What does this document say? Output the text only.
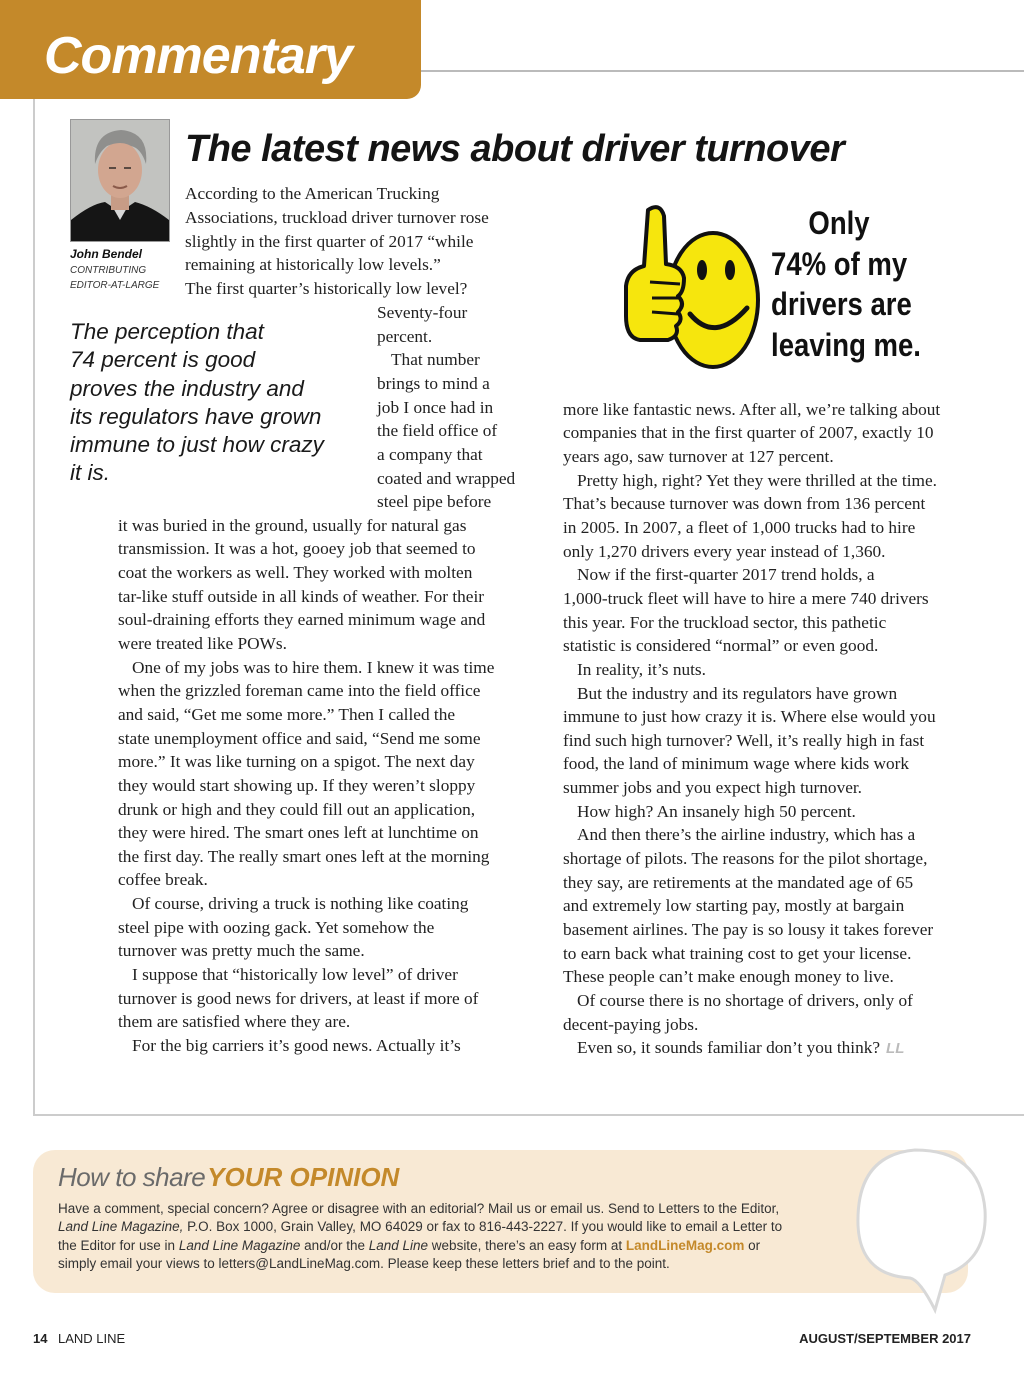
Commentary
John Bendel
CONTRIBUTING EDITOR-AT-LARGE
The latest news about driver turnover
According to the American Trucking
Associations, truckload driver turnover rose
slightly in the first quarter of 2017 “while
remaining at historically low levels.”
The first quarter’s historically low level?
The perception that
74 percent is good
proves the industry and
its regulators have grown
immune to just how crazy
it is.
Seventy-four
percent.
That number
brings to mind a
job I once had in
the field office of
a company that
coated and wrapped
steel pipe before
it was buried in the ground, usually for natural gas
transmission. It was a hot, gooey job that seemed to
coat the workers as well. They worked with molten
tar-like stuff outside in all kinds of weather. For their
soul-draining efforts they earned minimum wage and
were treated like POWs.
One of my jobs was to hire them. I knew it was time
when the grizzled foreman came into the field office
and said, “Get me some more.” Then I called the
state unemployment office and said, “Send me some
more.” It was like turning on a spigot. The next day
they would start showing up. If they weren’t sloppy
drunk or high and they could fill out an application,
they were hired. The smart ones left at lunchtime on
the first day. The really smart ones left at the morning
coffee break.
Of course, driving a truck is nothing like coating
steel pipe with oozing gack. Yet somehow the
turnover was pretty much the same.
I suppose that “historically low level” of driver
turnover is good news for drivers, at least if more of
them are satisfied where they are.
For the big carriers it’s good news. Actually it’s
Only
74% of my
drivers are
leaving me.
more like fantastic news. After all, we’re talking about
companies that in the first quarter of 2007, exactly 10
years ago, saw turnover at 127 percent.
Pretty high, right? Yet they were thrilled at the time.
That’s because turnover was down from 136 percent
in 2005. In 2007, a fleet of 1,000 trucks had to hire
only 1,270 drivers every year instead of 1,360.
Now if the first-quarter 2017 trend holds, a
1,000-truck fleet will have to hire a mere 740 drivers
this year. For the truckload sector, this pathetic
statistic is considered “normal” or even good.
In reality, it’s nuts.
But the industry and its regulators have grown
immune to just how crazy it is. Where else would you
find such high turnover? Well, it’s really high in fast
food, the land of minimum wage where kids work
summer jobs and you expect high turnover.
How high? An insanely high 50 percent.
And then there’s the airline industry, which has a
shortage of pilots. The reasons for the pilot shortage,
they say, are retirements at the mandated age of 65
and extremely low starting pay, mostly at bargain
basement airlines. The pay is so lousy it takes forever
to earn back what training cost to get your license.
These people can’t make enough money to live.
Of course there is no shortage of drivers, only of
decent-paying jobs.
Even so, it sounds familiar don’t you think? LL
How to shareYOUR OPINION
Have a comment, special concern? Agree or disagree with an editorial? Mail us or email us. Send to Letters to the Editor,
Land Line Magazine, P.O. Box 1000, Grain Valley, MO 64029 or fax to 816-443-2227. If you would like to email a Letter to
the Editor for use in Land Line Magazine and/or the Land Line website, there’s an easy form at LandLineMag.com or
simply email your views to letters@LandLineMag.com. Please keep these letters brief and to the point.
14 LAND LINE	AUGUST/SEPTEMBER 2017
